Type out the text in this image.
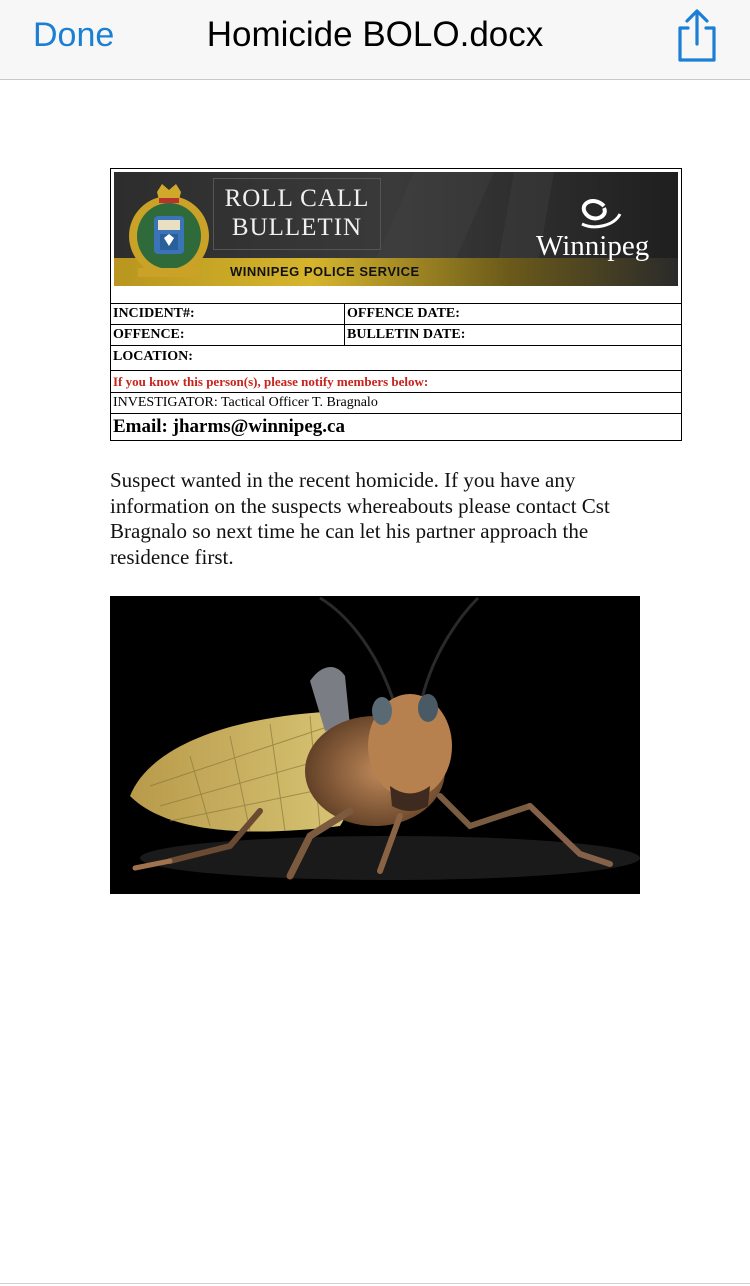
Done	Homicide BOLO.docx
ROLL CALL
BULLETIN
WINNIPEG POLICE SERVICE
Winnipeg
INCIDENT#:	OFFENCE DATE:
OFFENCE:	BULLETIN DATE:
LOCATION:
If you know this person(s), please notify members below:
INVESTIGATOR: Tactical Officer T. Bragnalo
Email: jharms@winnipeg.ca
Suspect wanted in the recent homicide. If you have any information on the suspects whereabouts please contact Cst Bragnalo so next time he can let his partner approach the residence first.
